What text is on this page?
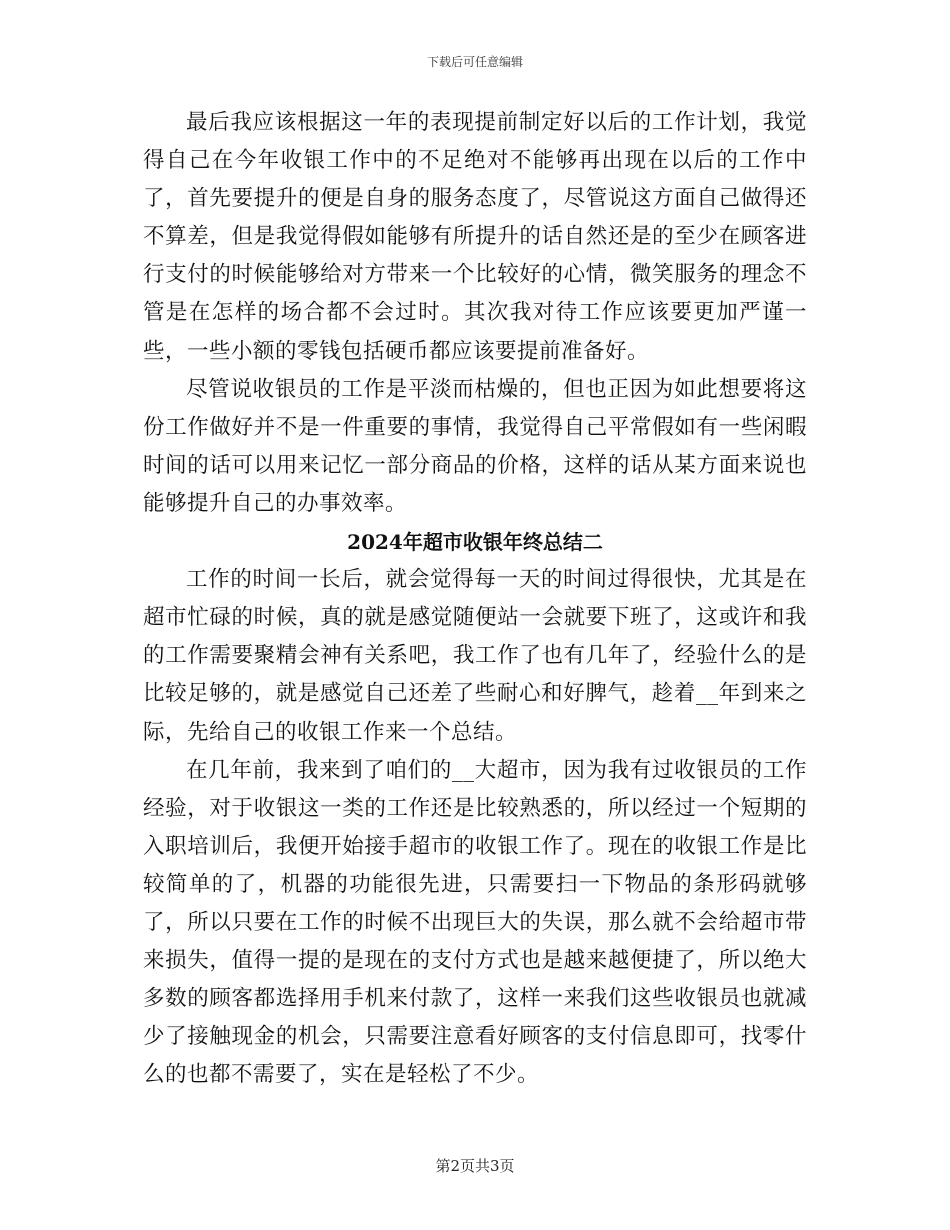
下载后可任意编辑

最后我应该根据这一年的表现提前制定好以后的工作计划，我觉得自己在今年收银工作中的不足绝对不能够再出现在以后的工作中了，首先要提升的便是自身的服务态度了，尽管说这方面自己做得还不算差，但是我觉得假如能够有所提升的话自然还是的至少在顾客进行支付的时候能够给对方带来一个比较好的心情，微笑服务的理念不管是在怎样的场合都不会过时。其次我对待工作应该要更加严谨一些，一些小额的零钱包括硬币都应该要提前准备好。

尽管说收银员的工作是平淡而枯燥的，但也正因为如此想要将这份工作做好并不是一件重要的事情，我觉得自己平常假如有一些闲暇时间的话可以用来记忆一部分商品的价格，这样的话从某方面来说也能够提升自己的办事效率。

2024年超市收银年终总结二

工作的时间一长后，就会觉得每一天的时间过得很快，尤其是在超市忙碌的时候，真的就是感觉随便站一会就要下班了，这或许和我的工作需要聚精会神有关系吧，我工作了也有几年了，经验什么的是比较足够的，就是感觉自己还差了些耐心和好脾气，趁着__年到来之际，先给自己的收银工作来一个总结。

在几年前，我来到了咱们的__大超市，因为我有过收银员的工作经验，对于收银这一类的工作还是比较熟悉的，所以经过一个短期的入职培训后，我便开始接手超市的收银工作了。现在的收银工作是比较简单的了，机器的功能很先进，只需要扫一下物品的条形码就够了，所以只要在工作的时候不出现巨大的失误，那么就不会给超市带来损失，值得一提的是现在的支付方式也是越来越便捷了，所以绝大多数的顾客都选择用手机来付款了，这样一来我们这些收银员也就减少了接触现金的机会，只需要注意看好顾客的支付信息即可，找零什么的也都不需要了，实在是轻松了不少。

第2页共3页
